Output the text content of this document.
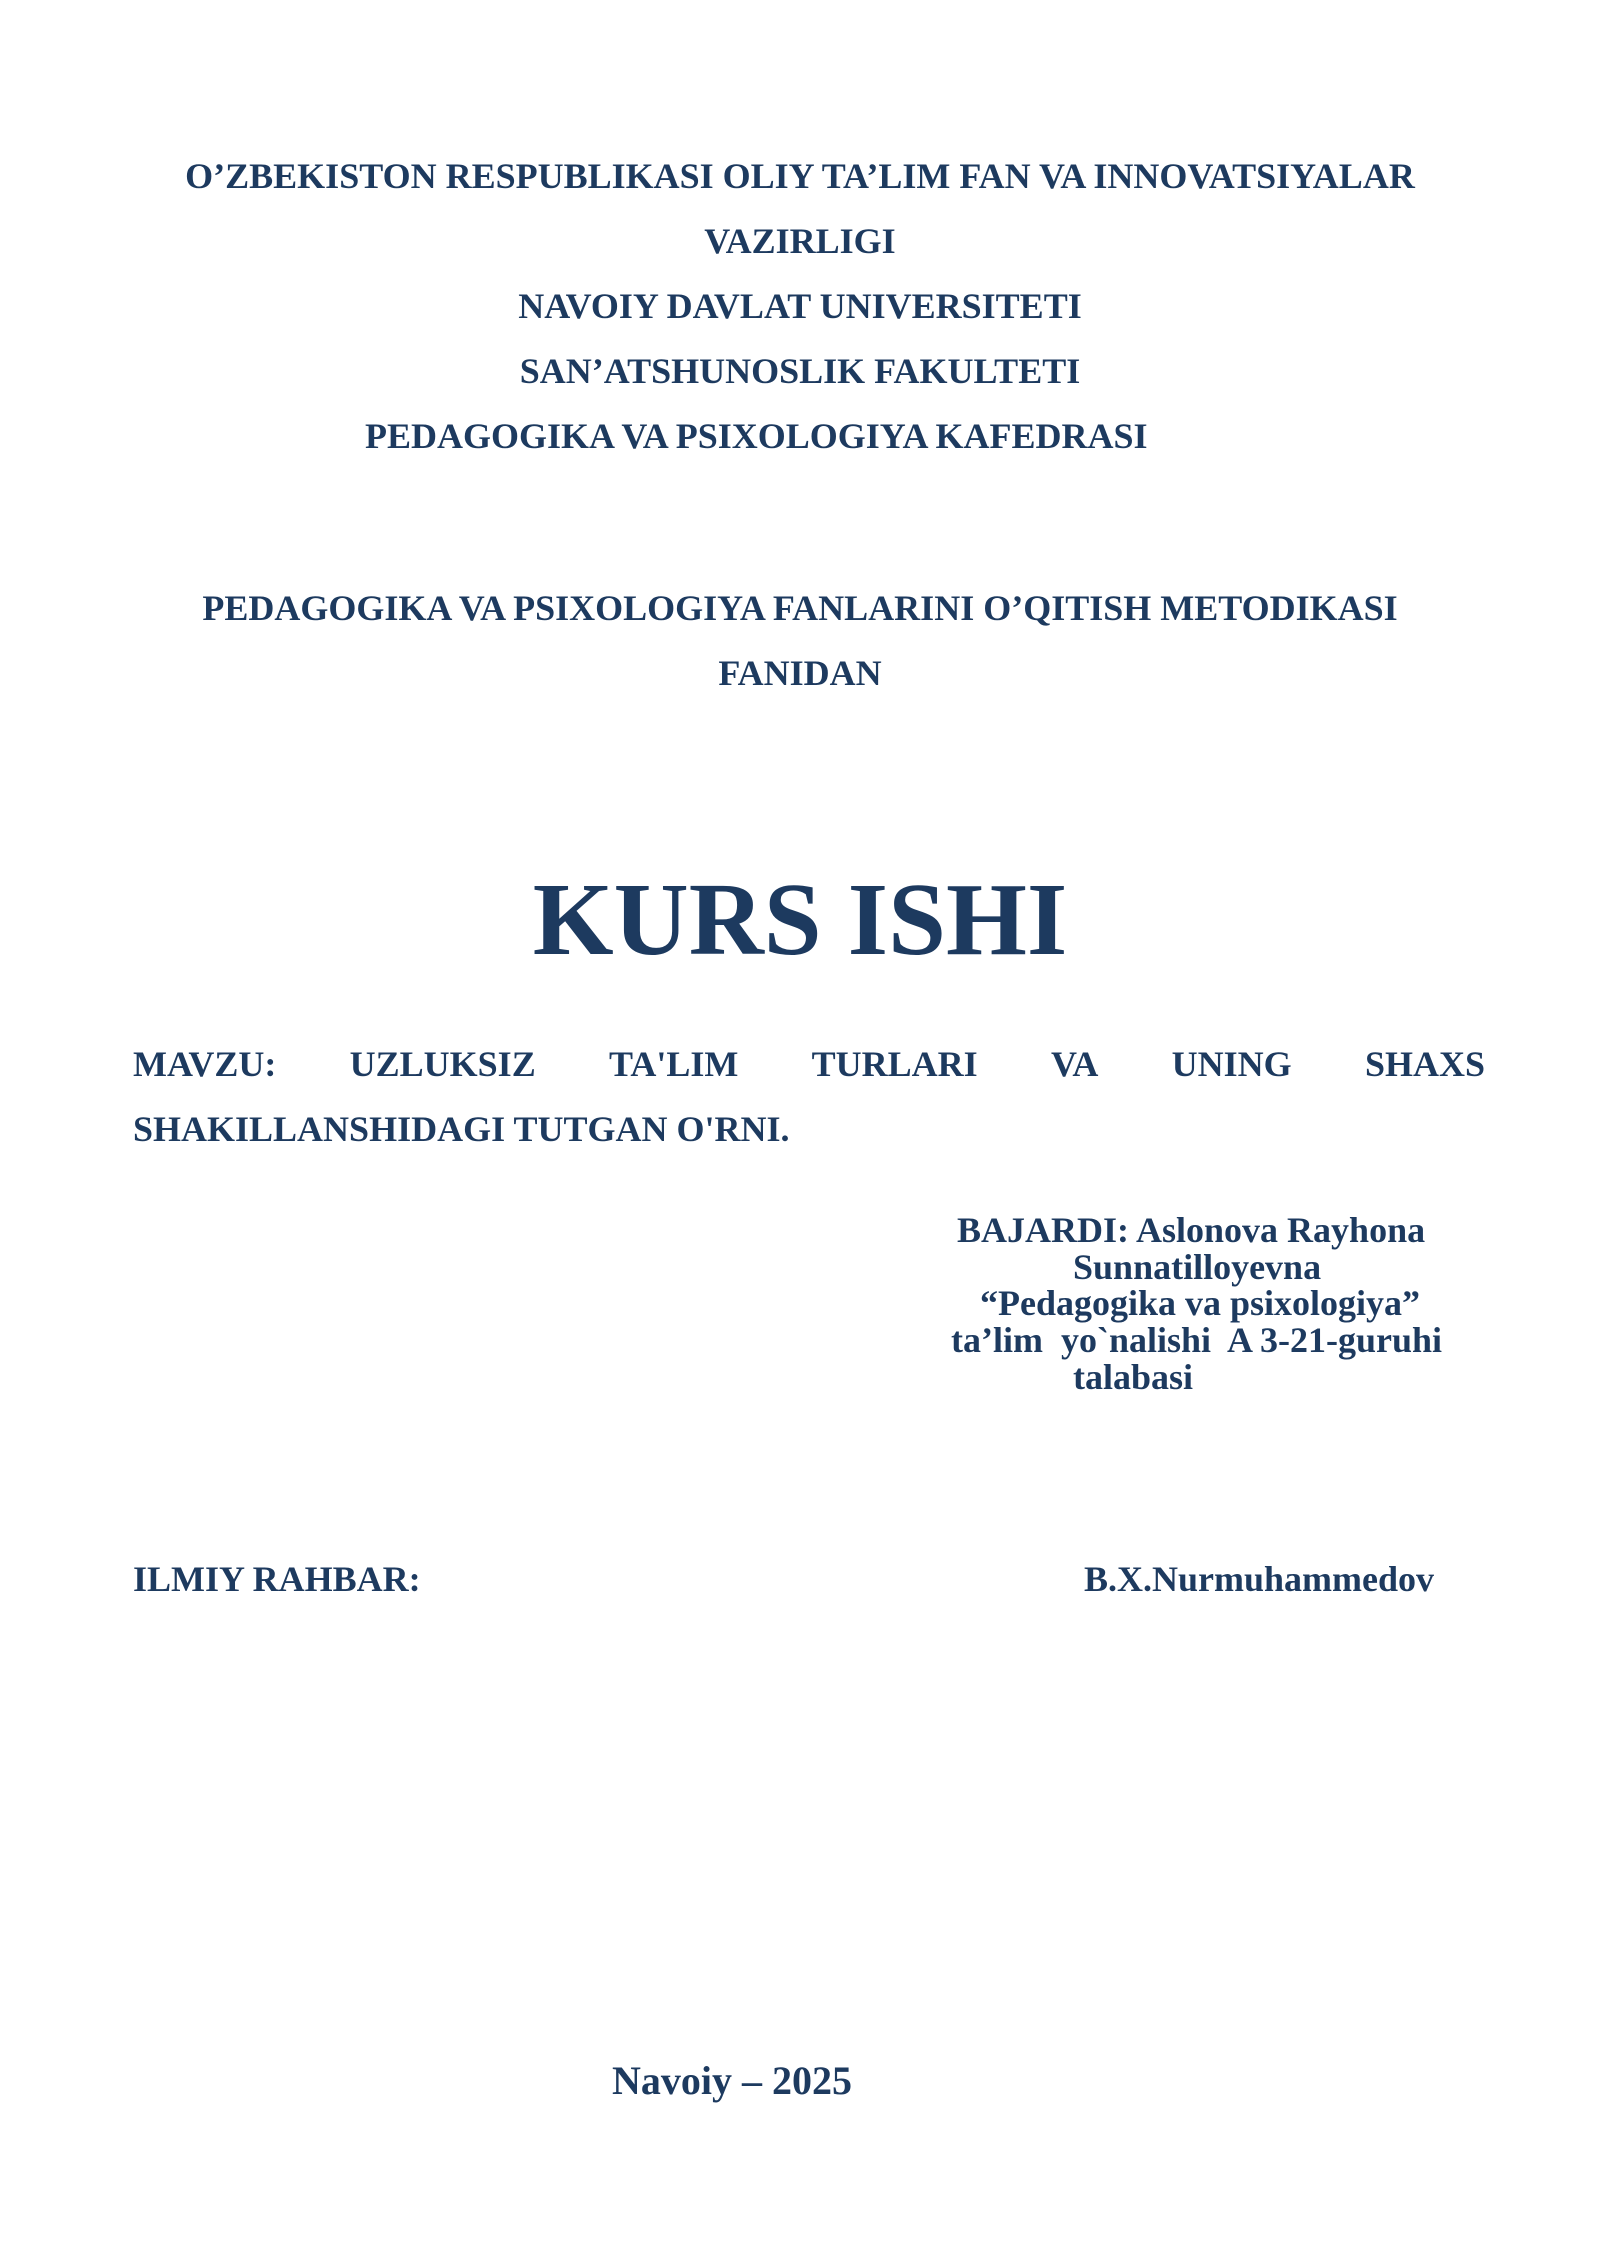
O’ZBEKISTON RESPUBLIKASI OLIY TA’LIM FAN VA INNOVATSIYALAR
VAZIRLIGI
NAVOIY DAVLAT UNIVERSITETI
SAN’ATSHUNOSLIK FAKULTETI
PEDAGOGIKA VA PSIXOLOGIYA KAFEDRASI
PEDAGOGIKA VA PSIXOLOGIYA FANLARINI O’QITISH METODIKASI
FANIDAN
KURS ISHI
MAVZU: UZLUKSIZ TA'LIM TURLARI VA UNING SHAXS
SHAKILLANSHIDAGI TUTGAN O'RNI.
BAJARDI: Aslonova Rayhona
Sunnatilloyevna
“Pedagogika va psixologiya”
ta’lim  yo`nalishi  A 3-21-guruhi
talabasi
ILMIY RAHBAR:	B.X.Nurmuhammedov
Navoiy – 2025
